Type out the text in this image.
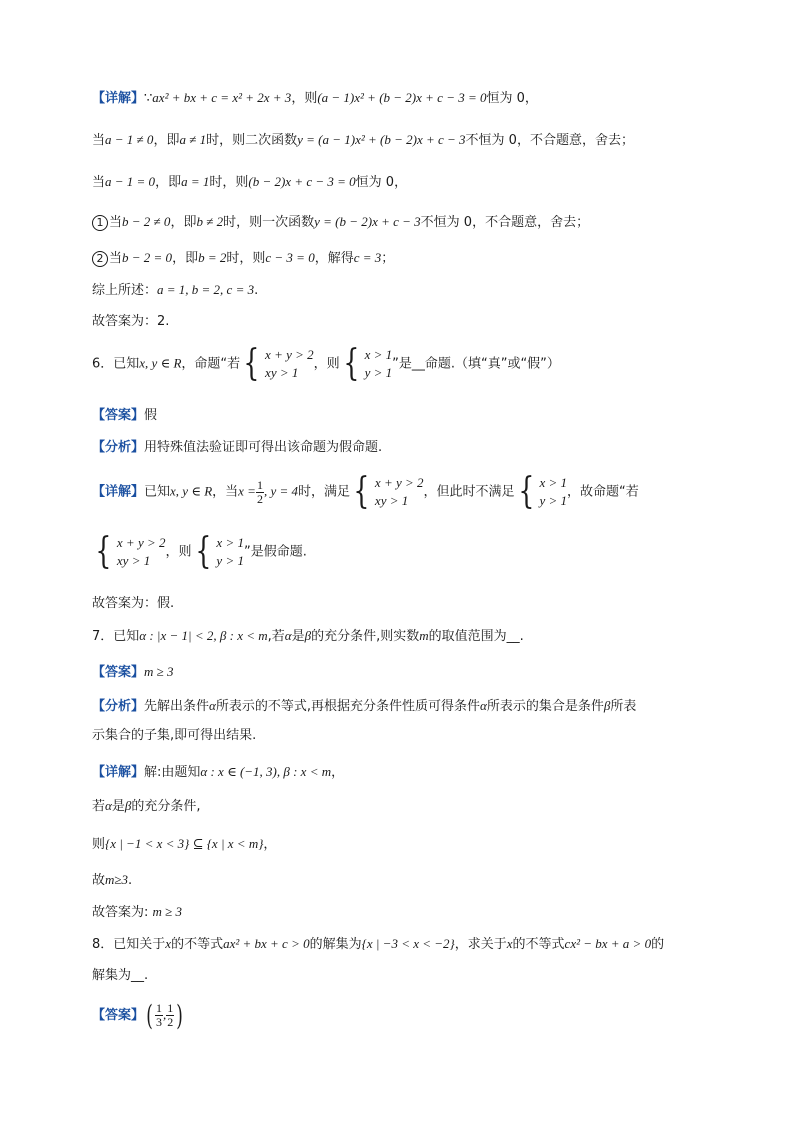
【详解】∵ax² + bx + c = x² + 2x + 3，则(a − 1)x² + (b − 2)x + c − 3 = 0恒为 0，
当a − 1 ≠ 0，即a ≠ 1时，则二次函数y = (a − 1)x² + (b − 2)x + c − 3不恒为 0，不合题意，舍去；
当a − 1 = 0，即a = 1时，则(b − 2)x + c − 3 = 0恒为 0，
1 当b − 2 ≠ 0，即b ≠ 2时，则一次函数y = (b − 2)x + c − 3不恒为 0，不合题意，舍去；
2 当b − 2 = 0，即b = 2时，则c − 3 = 0，解得c = 3；
综上所述：a = 1, b = 2, c = 3.
故答案为：2.
6．已知x, y ∈ R，命题“若 { x + y > 2
xy > 1
，则 { x > 1
y > 1
”是__命题.（填“真”或“假”）
【答案】假
【分析】用特殊值法验证即可得出该命题为假命题.
【详解】已知x, y ∈ R，当$x = \frac{1}{2}$ , y = 4时，满足 { x + y > 2
xy > 1
，但此时不满足 { x > 1
y > 1
，故命题“若
{ x + y > 2
xy > 1
，则 { x > 1
y > 1
”是假命题.
故答案为：假.
7．已知α : |x − 1| < 2, β : x < m,若α是β的充分条件,则实数m的取值范围为__.
【答案】m ≥ 3
【分析】先解出条件α所表示的不等式,再根据充分条件性质可得条件α所表示的集合是条件β所表
示集合的子集,即可得出结果.
【详解】解:由题知α : x ∈ (−1, 3), β : x < m，
若α是β的充分条件,
则{x | −1 < x < 3} ⊆ {x | x < m}，
故m≥3.
故答案为: m ≥ 3
8．已知关于x的不等式ax² + bx + c > 0的解集为{x | −3 < x < −2}，求关于x的不等式cx² − bx + a > 0的
解集为__.
【答案】( $\frac{1}{3}$ , $\frac{1}{2}$ )
